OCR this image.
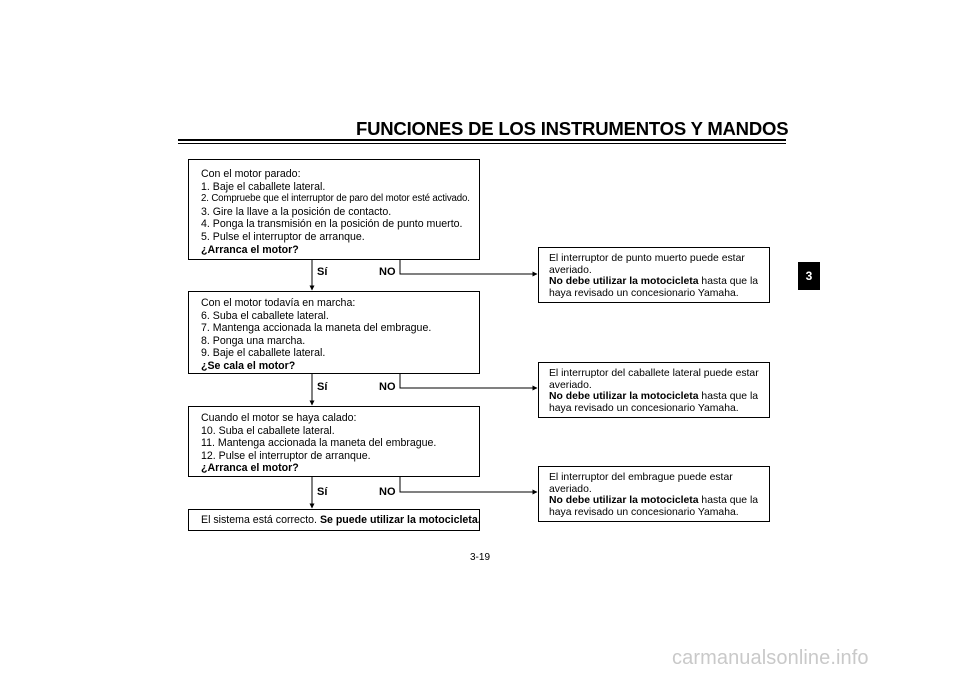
FUNCIONES DE LOS INSTRUMENTOS Y MANDOS
3
Con el motor parado:
1. Baje el caballete lateral.
2. Compruebe que el interruptor de paro del motor esté activado.
3. Gire la llave a la posición de contacto.
4. Ponga la transmisión en la posición de punto muerto.
5. Pulse el interruptor de arranque.
¿Arranca el motor?
Sí	NO
Con el motor todavía en marcha:
6. Suba el caballete lateral.
7. Mantenga accionada la maneta del embrague.
8. Ponga una marcha.
9. Baje el caballete lateral.
¿Se cala el motor?
Sí	NO
Cuando el motor se haya calado:
10. Suba el caballete lateral.
11. Mantenga accionada la maneta del embrague.
12. Pulse el interruptor de arranque.
¿Arranca el motor?
Sí	NO
El sistema está correcto. Se puede utilizar la motocicleta.
El interruptor de punto muerto puede estar
averiado.
No debe utilizar la motocicleta hasta que la
haya revisado un concesionario Yamaha.
El interruptor del caballete lateral puede estar
averiado.
No debe utilizar la motocicleta hasta que la
haya revisado un concesionario Yamaha.
El interruptor del embrague puede estar
averiado.
No debe utilizar la motocicleta hasta que la
haya revisado un concesionario Yamaha.
3-19
carmanualsonline.info
